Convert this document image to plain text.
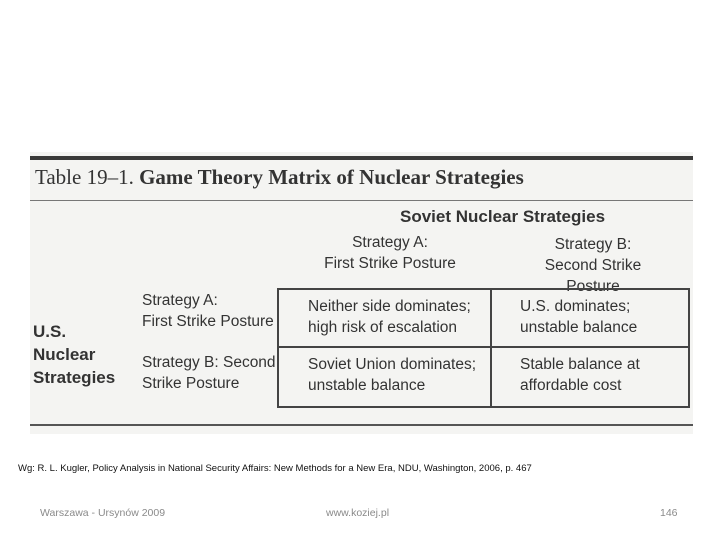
Table 19–1. Game Theory Matrix of Nuclear Strategies
Soviet Nuclear Strategies
Strategy A:
First Strike Posture
Strategy B:
Second Strike Posture
U.S. Nuclear
Strategies
Strategy A:
First Strike Posture
Strategy B: Second
Strike Posture
Neither side dominates;
high risk of escalation
U.S. dominates;
unstable balance
Soviet Union dominates;
unstable balance
Stable balance at
affordable cost
Wg: R. L. Kugler, Policy Analysis in National Security Affairs: New Methods for a New Era, NDU, Washington, 2006, p. 467
Warszawa - Ursynów 2009	www.koziej.pl	146
